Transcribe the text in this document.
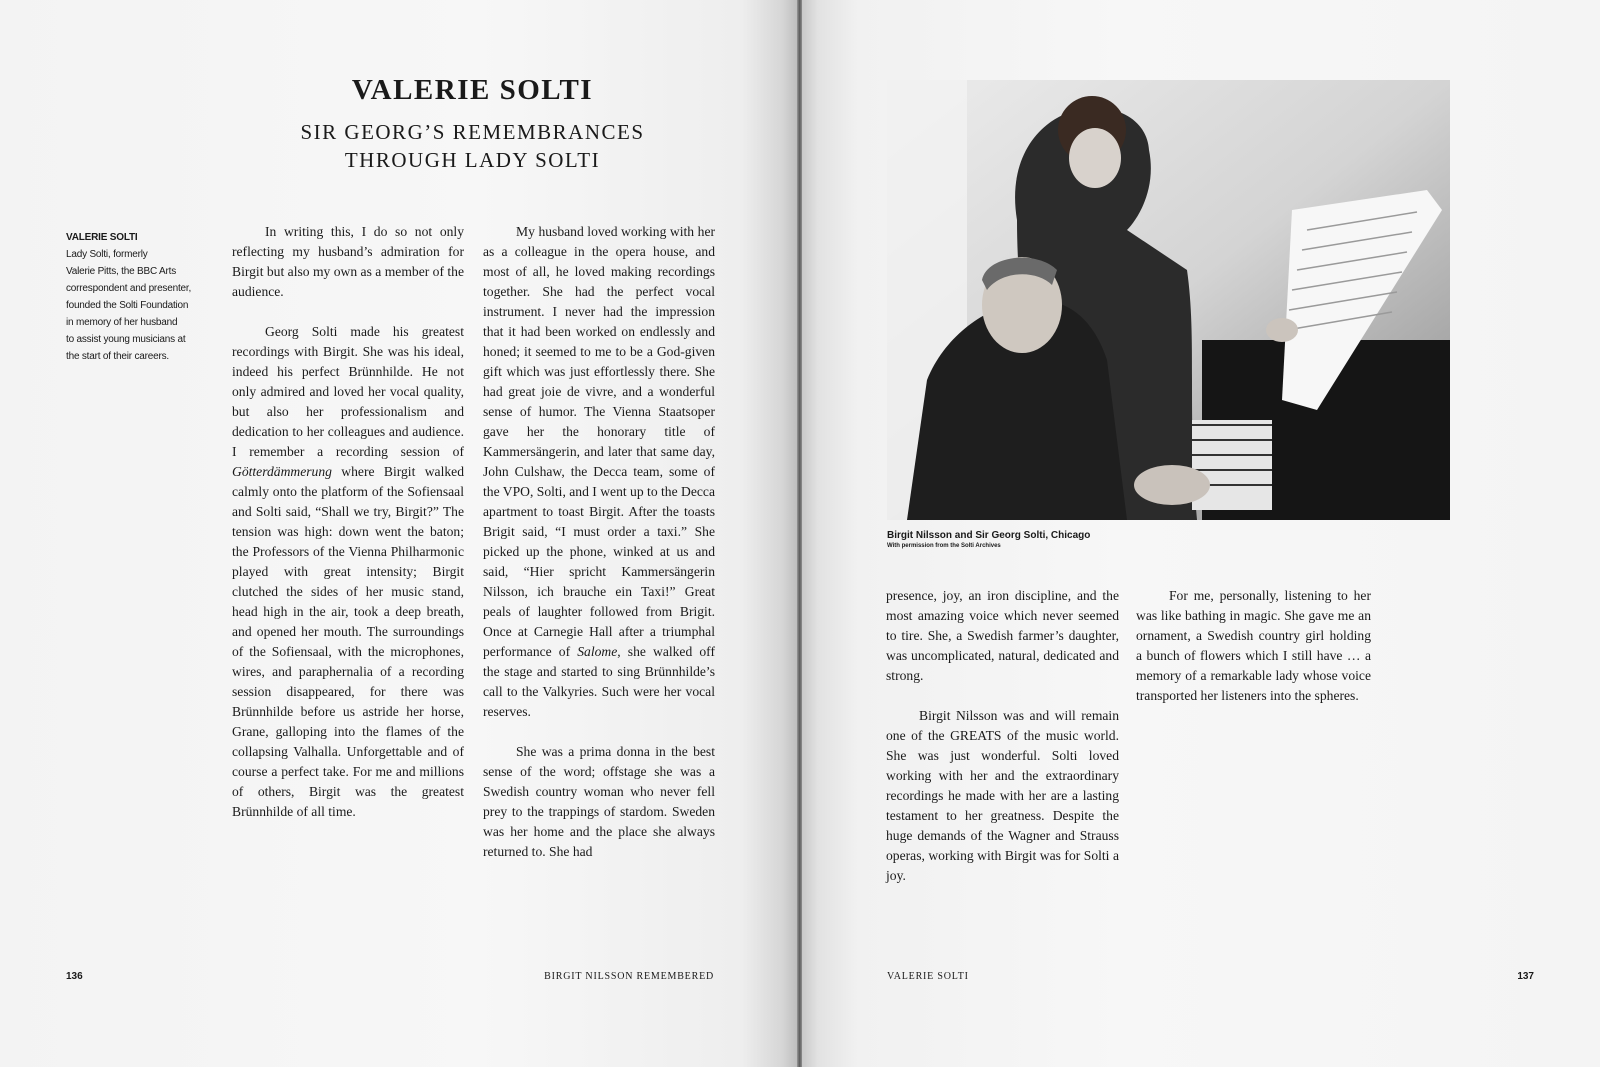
VALERIE SOLTI
SIR GEORG’S REMEMBRANCES
THROUGH LADY SOLTI
VALERIE SOLTI
Lady Solti, formerly
Valerie Pitts, the BBC Arts
correspondent and presenter,
founded the Solti Foundation
in memory of her husband
to assist young musicians at
the start of their careers.

In writing this, I do so not only reflecting my husband’s admiration for Birgit but also my own as a member of the audience.

Georg Solti made his greatest recordings with Birgit. She was his ideal, indeed his perfect Brünnhilde. He not only admired and loved her vocal quality, but also her professionalism and dedication to her colleagues and audience. I remember a recording session of Götterdämmerung where Birgit walked calmly onto the platform of the Sofiensaal and Solti said, “Shall we try, Birgit?” The tension was high: down went the baton; the Professors of the Vienna Philharmonic played with great intensity; Birgit clutched the sides of her music stand, head high in the air, took a deep breath, and opened her mouth. The surroundings of the Sofiensaal, with the microphones, wires, and paraphernalia of a recording session disappeared, for there was Brünnhilde before us astride her horse, Grane, galloping into the flames of the collapsing Valhalla. Unforgettable and of course a perfect take. For me and millions of others, Birgit was the greatest Brünnhilde of all time.

My husband loved working with her as a colleague in the opera house, and most of all, he loved making recordings together. She had the perfect vocal instrument. I never had the impression that it had been worked on endlessly and honed; it seemed to me to be a God-given gift which was just effortlessly there. She had great joie de vivre, and a wonderful sense of humor. The Vienna Staatsoper gave her the honorary title of Kammersängerin, and later that same day, John Culshaw, the Decca team, some of the VPO, Solti, and I went up to the Decca apartment to toast Birgit. After the toasts Brigit said, “I must order a taxi.” She picked up the phone, winked at us and said, “Hier spricht Kammersängerin Nilsson, ich brauche ein Taxi!” Great peals of laughter followed from Brigit. Once at Carnegie Hall after a triumphal performance of Salome, she walked off the stage and started to sing Brünnhilde’s call to the Valkyries. Such were her vocal reserves.

She was a prima donna in the best sense of the word; offstage she was a Swedish country woman who never fell prey to the trappings of stardom. Sweden was her home and the place she always returned to. She had

136	BIRGIT NILSSON REMEMBERED
Birgit Nilsson and Sir Georg Solti, Chicago
With permission from the Solti Archives

presence, joy, an iron discipline, and the most amazing voice which never seemed to tire. She, a Swedish farmer’s daughter, was uncomplicated, natural, dedicated and strong.

Birgit Nilsson was and will remain one of the GREATS of the music world. She was just wonderful. Solti loved working with her and the extraordinary recordings he made with her are a lasting testament to her greatness. Despite the huge demands of the Wagner and Strauss operas, working with Birgit was for Solti a joy.

For me, personally, listening to her was like bathing in magic. She gave me an ornament, a Swedish country girl holding a bunch of flowers which I still have … a memory of a remarkable lady whose voice transported her listeners into the spheres.

VALERIE SOLTI	137
